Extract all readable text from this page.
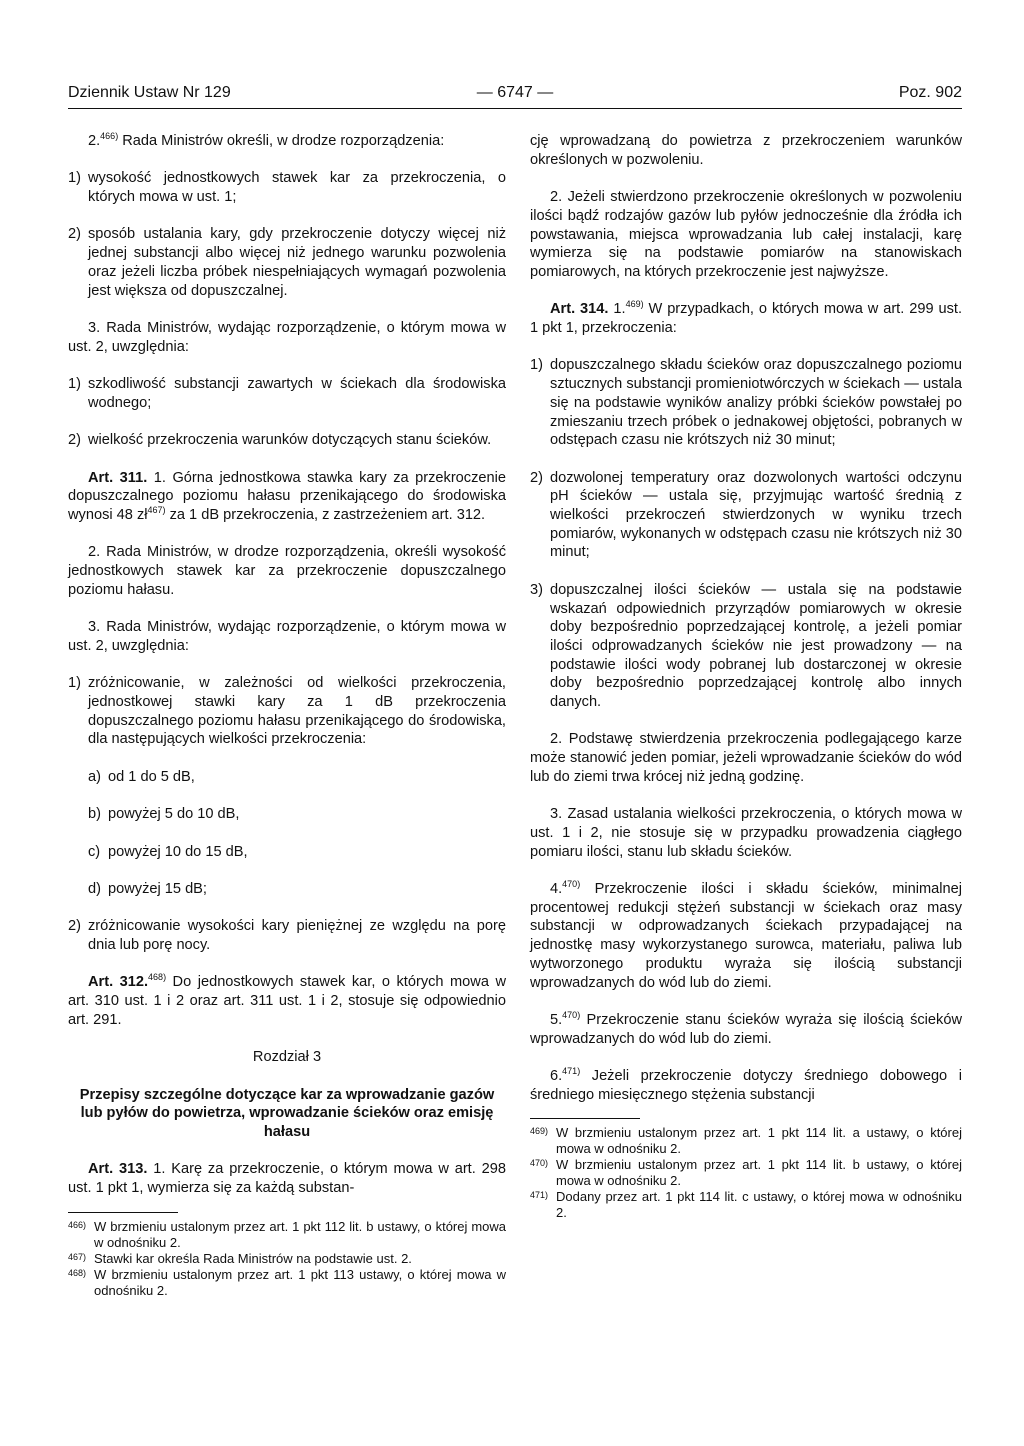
Dziennik Ustaw Nr 129	— 6747 —	Poz. 902

2.$^{466)}$ Rada Ministrów określi, w drodze rozporządzenia:

1) wysokość jednostkowych stawek kar za przekroczenia, o których mowa w ust. 1;
2) sposób ustalania kary, gdy przekroczenie dotyczy więcej niż jednej substancji albo więcej niż jednego warunku pozwolenia oraz jeżeli liczba próbek niespełniających wymagań pozwolenia jest większa od dopuszczalnej.

3. Rada Ministrów, wydając rozporządzenie, o którym mowa w ust. 2, uwzględnia:

1) szkodliwość substancji zawartych w ściekach dla środowiska wodnego;
2) wielkość przekroczenia warunków dotyczących stanu ścieków.

Art. 311. 1. Górna jednostkowa stawka kary za przekroczenie dopuszczalnego poziomu hałasu przenikającego do środowiska wynosi 48 $zł^{467)}$ za 1 dB przekroczenia, z zastrzeżeniem art. 312.

2. Rada Ministrów, w drodze rozporządzenia, określi wysokość jednostkowych stawek kar za przekroczenie dopuszczalnego poziomu hałasu.

3. Rada Ministrów, wydając rozporządzenie, o którym mowa w ust. 2, uwzględnia:

1) zróżnicowanie, w zależności od wielkości przekroczenia, jednostkowej stawki kary za 1 dB przekroczenia dopuszczalnego poziomu hałasu przenikającego do środowiska, dla następujących wielkości przekroczenia:
a) od 1 do 5 dB,
b) powyżej 5 do 10 dB,
c) powyżej 10 do 15 dB,
d) powyżej 15 dB;
2) zróżnicowanie wysokości kary pieniężnej ze względu na porę dnia lub porę nocy.

Art. 312.$^{468)}$ Do jednostkowych stawek kar, o których mowa w art. 310 ust. 1 i 2 oraz art. 311 ust. 1 i 2, stosuje się odpowiednio art. 291.

Rozdział 3

Przepisy szczególne dotyczące kar za wprowadzanie gazów lub pyłów do powietrza, wprowadzanie ścieków oraz emisję hałasu

Art. 313. 1. Karę za przekroczenie, o którym mowa w art. 298 ust. 1 pkt 1, wymierza się za każdą substan-

466) W brzmieniu ustalonym przez art. 1 pkt 112 lit. b ustawy, o której mowa w odnośniku 2.
467) Stawki kar określa Rada Ministrów na podstawie ust. 2.
468) W brzmieniu ustalonym przez art. 1 pkt 113 ustawy, o której mowa w odnośniku 2.

cję wprowadzaną do powietrza z przekroczeniem warunków określonych w pozwoleniu.

2. Jeżeli stwierdzono przekroczenie określonych w pozwoleniu ilości bądź rodzajów gazów lub pyłów jednocześnie dla źródła ich powstawania, miejsca wprowadzania lub całej instalacji, karę wymierza się na podstawie pomiarów na stanowiskach pomiarowych, na których przekroczenie jest najwyższe.

Art. 314. 1.$^{469)}$ W przypadkach, o których mowa w art. 299 ust. 1 pkt 1, przekroczenia:

1) dopuszczalnego składu ścieków oraz dopuszczalnego poziomu sztucznych substancji promieniotwórczych w ściekach — ustala się na podstawie wyników analizy próbki ścieków powstałej po zmieszaniu trzech próbek o jednakowej objętości, pobranych w odstępach czasu nie krótszych niż 30 minut;
2) dozwolonej temperatury oraz dozwolonych wartości odczynu pH ścieków — ustala się, przyjmując wartość średnią z wielkości przekroczeń stwierdzonych w wyniku trzech pomiarów, wykonanych w odstępach czasu nie krótszych niż 30 minut;
3) dopuszczalnej ilości ścieków — ustala się na podstawie wskazań odpowiednich przyrządów pomiarowych w okresie doby bezpośrednio poprzedzającej kontrolę, a jeżeli pomiar ilości odprowadzanych ścieków nie jest prowadzony — na podstawie ilości wody pobranej lub dostarczonej w okresie doby bezpośrednio poprzedzającej kontrolę albo innych danych.

2. Podstawę stwierdzenia przekroczenia podlegającego karze może stanowić jeden pomiar, jeżeli wprowadzanie ścieków do wód lub do ziemi trwa krócej niż jedną godzinę.

3. Zasad ustalania wielkości przekroczenia, o których mowa w ust. 1 i 2, nie stosuje się w przypadku prowadzenia ciągłego pomiaru ilości, stanu lub składu ścieków.

4.$^{470)}$ Przekroczenie ilości i składu ścieków, minimalnej procentowej redukcji stężeń substancji w ściekach oraz masy substancji w odprowadzanych ściekach przypadającej na jednostkę masy wykorzystanego surowca, materiału, paliwa lub wytworzonego produktu wyraża się ilością substancji wprowadzanych do wód lub do ziemi.

5.$^{470)}$ Przekroczenie stanu ścieków wyraża się ilością ścieków wprowadzanych do wód lub do ziemi.

6.$^{471)}$ Jeżeli przekroczenie dotyczy średniego dobowego i średniego miesięcznego stężenia substancji

469) W brzmieniu ustalonym przez art. 1 pkt 114 lit. a ustawy, o której mowa w odnośniku 2.
470) W brzmieniu ustalonym przez art. 1 pkt 114 lit. b ustawy, o której mowa w odnośniku 2.
471) Dodany przez art. 1 pkt 114 lit. c ustawy, o której mowa w odnośniku 2.
